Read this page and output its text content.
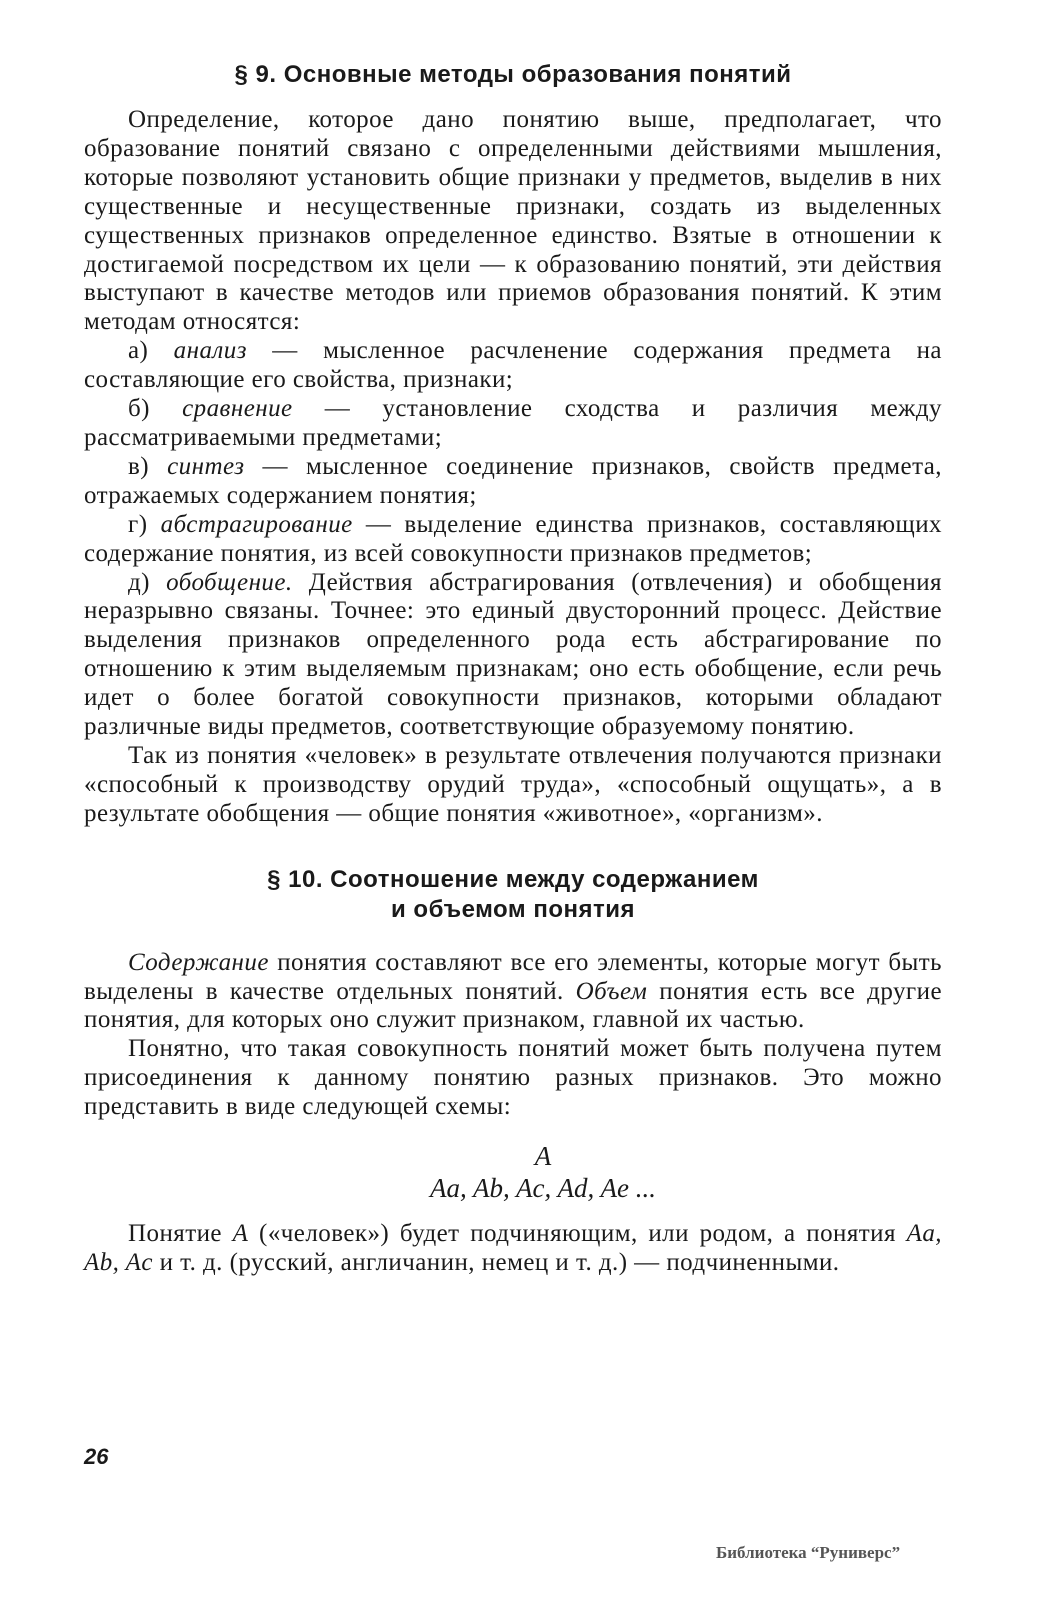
§ 9. Основные методы образования понятий

Определение, которое дано понятию выше, предполагает, что образование понятий связано с определенными действиями мышления, которые позволяют установить общие признаки у предметов, выделив в них существенные и несущественные признаки, создать из выделенных существенных признаков определенное единство. Взятые в отношении к достигаемой посредством их цели — к образованию понятий, эти действия выступают в качестве методов или приемов образования понятий. К этим методам относятся:

а) анализ — мысленное расчленение содержания предмета на составляющие его свойства, признаки;

б) сравнение — установление сходства и различия между рассматриваемыми предметами;

в) синтез — мысленное соединение признаков, свойств предмета, отражаемых содержанием понятия;

г) абстрагирование — выделение единства признаков, составляющих содержание понятия, из всей совокупности признаков предметов;

д) обобщение. Действия абстрагирования (отвлечения) и обобщения неразрывно связаны. Точнее: это единый двусторонний процесс. Действие выделения признаков определенного рода есть абстрагирование по отношению к этим выделяемым признакам; оно есть обобщение, если речь идет о более богатой совокупности признаков, которыми обладают различные виды предметов, соответствующие образуемому понятию.

Так из понятия «человек» в результате отвлечения получаются признаки «способный к производству орудий труда», «способный ощущать», а в результате обобщения — общие понятия «животное», «организм».

§ 10. Соотношение между содержанием
и объемом понятия

Содержание понятия составляют все его элементы, которые могут быть выделены в качестве отдельных понятий. Объем понятия есть все другие понятия, для которых оно служит признаком, главной их частью.

Понятно, что такая совокупность понятий может быть получена путем присоединения к данному понятию разных признаков. Это можно представить в виде следующей схемы:

A
Aa, Ab, Ac, Ad, Ae ...

Понятие A («человек») будет подчиняющим, или родом, а понятия Aa, Ab, Ac и т. д. (русский, англичанин, немец и т. д.) — подчиненными.

26
Библиотека “Руниверс”
